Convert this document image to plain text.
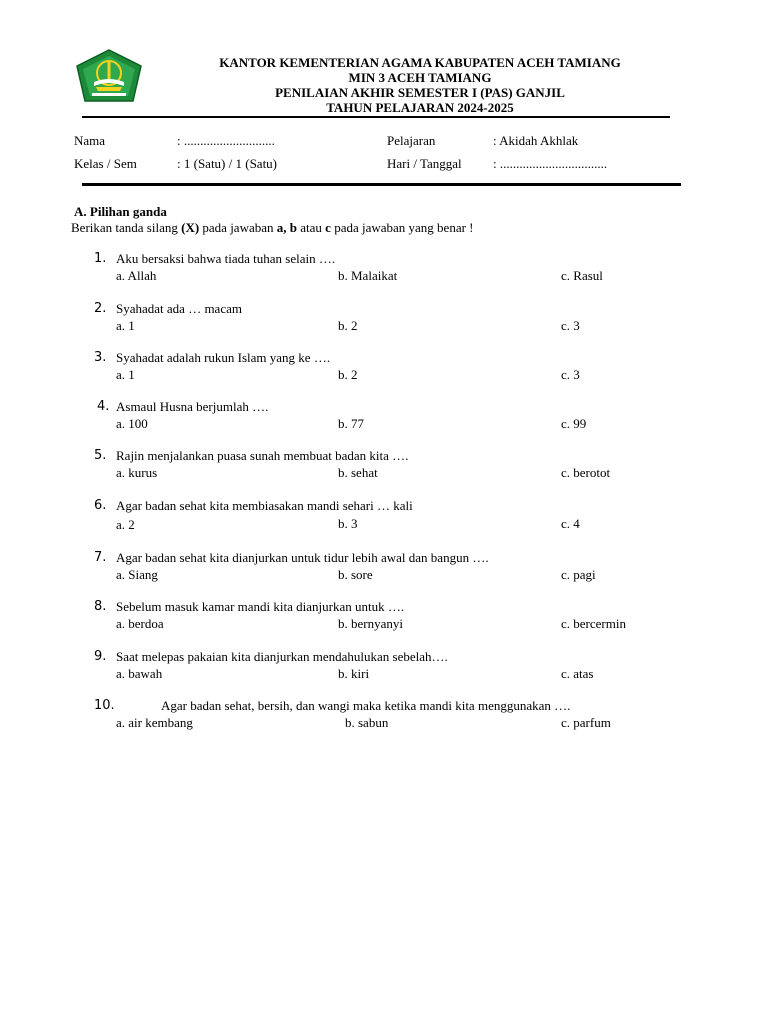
KANTOR KEMENTERIAN AGAMA KABUPATEN ACEH TAMIANG
MIN 3 ACEH TAMIANG
PENILAIAN AKHIR SEMESTER I (PAS) GANJIL
TAHUN PELAJARAN 2024-2025
Nama	: ............................	Pelajaran	: Akidah Akhlak
Kelas / Sem	: 1 (Satu) / 1 (Satu)	Hari / Tanggal : .................................
A. Pilihan ganda
Berikan tanda silang (X) pada jawaban a, b atau c pada jawaban yang benar !
1. Aku bersaksi bahwa tiada tuhan selain ….
a. Allah	b. Malaikat	c. Rasul
2. Syahadat ada … macam
a. 1	b. 2	c. 3
3. Syahadat adalah rukun Islam yang ke ….
a. 1	b. 2	c. 3
4. Asmaul Husna berjumlah ….
a. 100	b. 77	c. 99
5. Rajin menjalankan puasa sunah membuat badan kita ….
a. kurus	b. sehat	c. berotot
6. Agar badan sehat kita membiasakan mandi sehari … kali
a. 2	b. 3	c. 4
7. Agar badan sehat kita dianjurkan untuk tidur lebih awal dan bangun ….
a. Siang	b. sore	c. pagi
8. Sebelum masuk kamar mandi kita dianjurkan untuk ….
a. berdoa	b. bernyanyi	c. bercermin
9. Saat melepas pakaian kita dianjurkan mendahulukan sebelah….
a. bawah	b. kiri	c. atas
10.	Agar badan sehat, bersih, dan wangi maka ketika mandi kita menggunakan ….
a. air kembang	b. sabun	c. parfum
